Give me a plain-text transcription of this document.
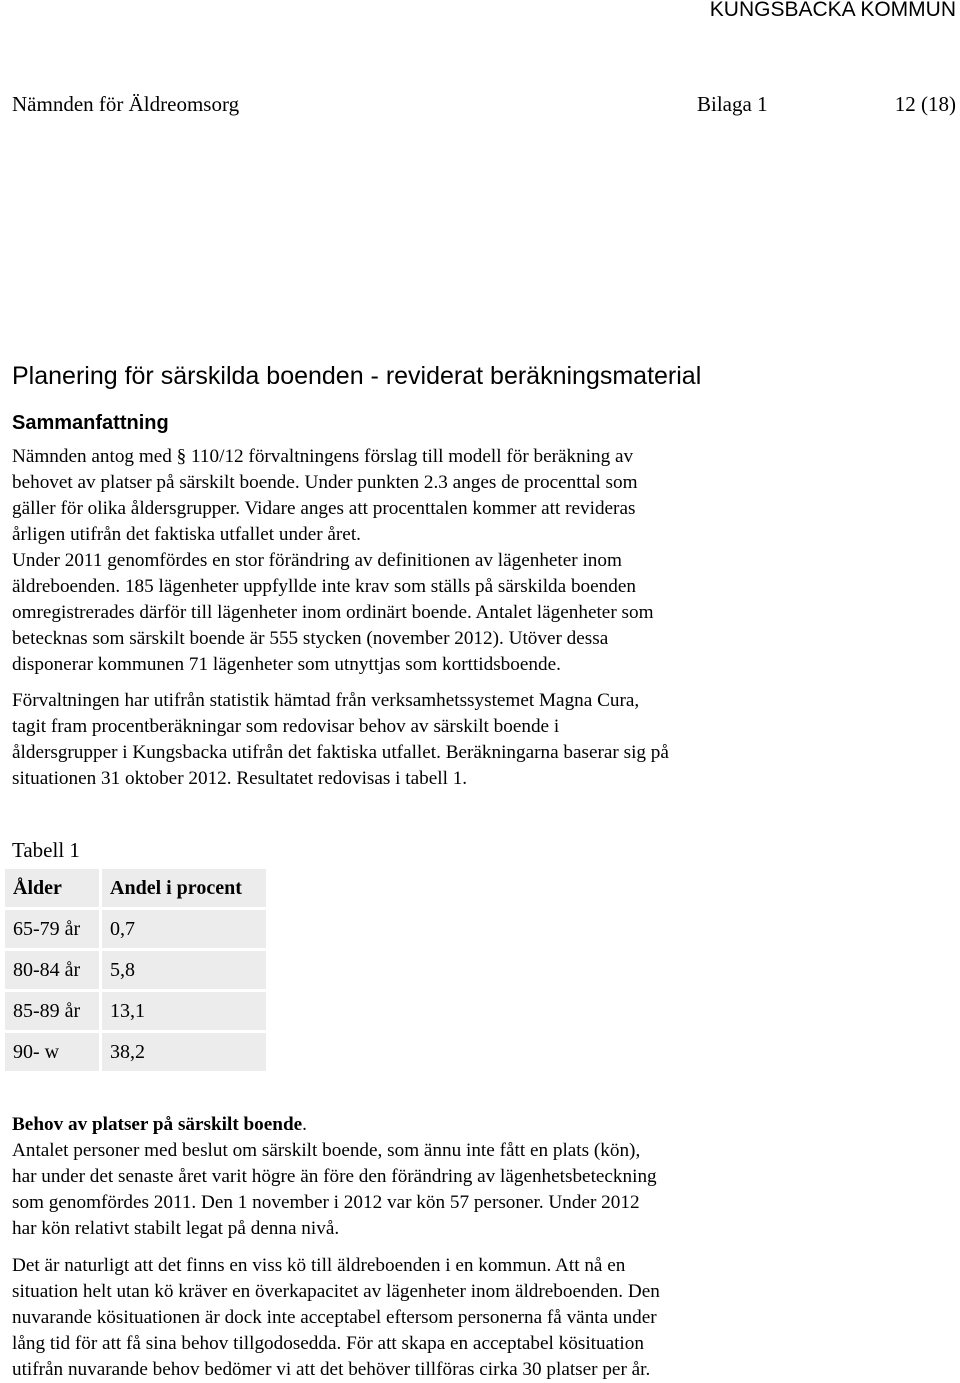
KUNGSBACKA KOMMUN
Nämnden för Äldreomsorg	Bilaga 1	12 (18)
Planering för särskilda boenden - reviderat beräkningsmaterial
Sammanfattning
Nämnden antog med § 110/12 förvaltningens förslag till modell för beräkning av
behovet av platser på särskilt boende. Under punkten 2.3 anges de procenttal som
gäller för olika åldersgrupper. Vidare anges att procenttalen kommer att revideras
årligen utifrån det faktiska utfallet under året.
Under 2011 genomfördes en stor förändring av definitionen av lägenheter inom
äldreboenden. 185 lägenheter uppfyllde inte krav som ställs på särskilda boenden
omregistrerades därför till lägenheter inom ordinärt boende. Antalet lägenheter som
betecknas som särskilt boende är 555 stycken (november 2012). Utöver dessa
disponerar kommunen 71 lägenheter som utnyttjas som korttidsboende.
Förvaltningen har utifrån statistik hämtad från verksamhetssystemet Magna Cura,
tagit fram procentberäkningar som redovisar behov av särskilt boende i
åldersgrupper i Kungsbacka utifrån det faktiska utfallet. Beräkningarna baserar sig på
situationen 31 oktober 2012. Resultatet redovisas i tabell 1.
Tabell 1
Ålder	Andel i procent
65-79 år	0,7
80-84 år	5,8
85-89 år	13,1
90- w	38,2
Behov av platser på särskilt boende.
Antalet personer med beslut om särskilt boende, som ännu inte fått en plats (kön),
har under det senaste året varit högre än före den förändring av lägenhetsbeteckning
som genomfördes 2011. Den 1 november i 2012 var kön 57 personer. Under 2012
har kön relativt stabilt legat på denna nivå.
Det är naturligt att det finns en viss kö till äldreboenden i en kommun. Att nå en
situation helt utan kö kräver en överkapacitet av lägenheter inom äldreboenden. Den
nuvarande kösituationen är dock inte acceptabel eftersom personerna få vänta under
lång tid för att få sina behov tillgodosedda. För att skapa en acceptabel kösituation
utifrån nuvarande behov bedömer vi att det behöver tillföras cirka 30 platser per år.
